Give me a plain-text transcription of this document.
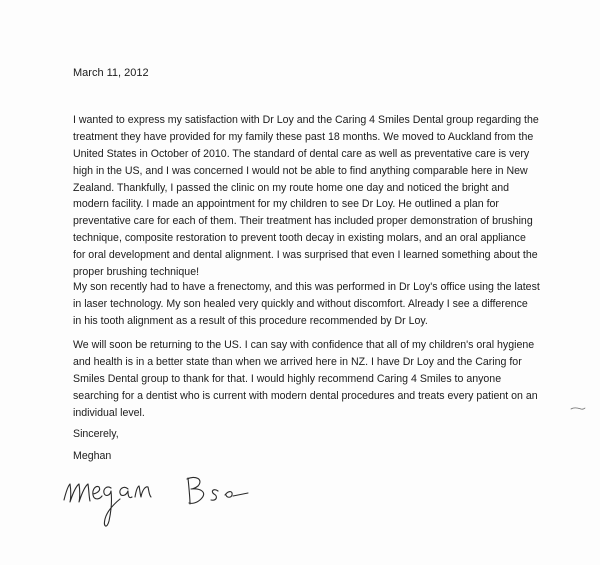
March 11, 2012
I wanted to express my satisfaction with Dr Loy and the Caring 4 Smiles Dental group regarding the
treatment they have provided for my family these past 18 months. We moved to Auckland from the
United States in October of 2010. The standard of dental care as well as preventative care is very
high in the US, and I was concerned I would not be able to find anything comparable here in New
Zealand. Thankfully, I passed the clinic on my route home one day and noticed the bright and
modern facility. I made an appointment for my children to see Dr Loy. He outlined a plan for
preventative care for each of them. Their treatment has included proper demonstration of brushing
technique, composite restoration to prevent tooth decay in existing molars, and an oral appliance
for oral development and dental alignment. I was surprised that even I learned something about the
proper brushing technique!
My son recently had to have a frenectomy, and this was performed in Dr Loy's office using the latest
in laser technology. My son healed very quickly and without discomfort. Already I see a difference
in his tooth alignment as a result of this procedure recommended by Dr Loy.
We will soon be returning to the US. I can say with confidence that all of my children's oral hygiene
and health is in a better state than when we arrived here in NZ. I have Dr Loy and the Caring for
Smiles Dental group to thank for that. I would highly recommend Caring 4 Smiles to anyone
searching for a dentist who is current with modern dental procedures and treats every patient on an
individual level.
Sincerely,
Meghan
Megan Bs
